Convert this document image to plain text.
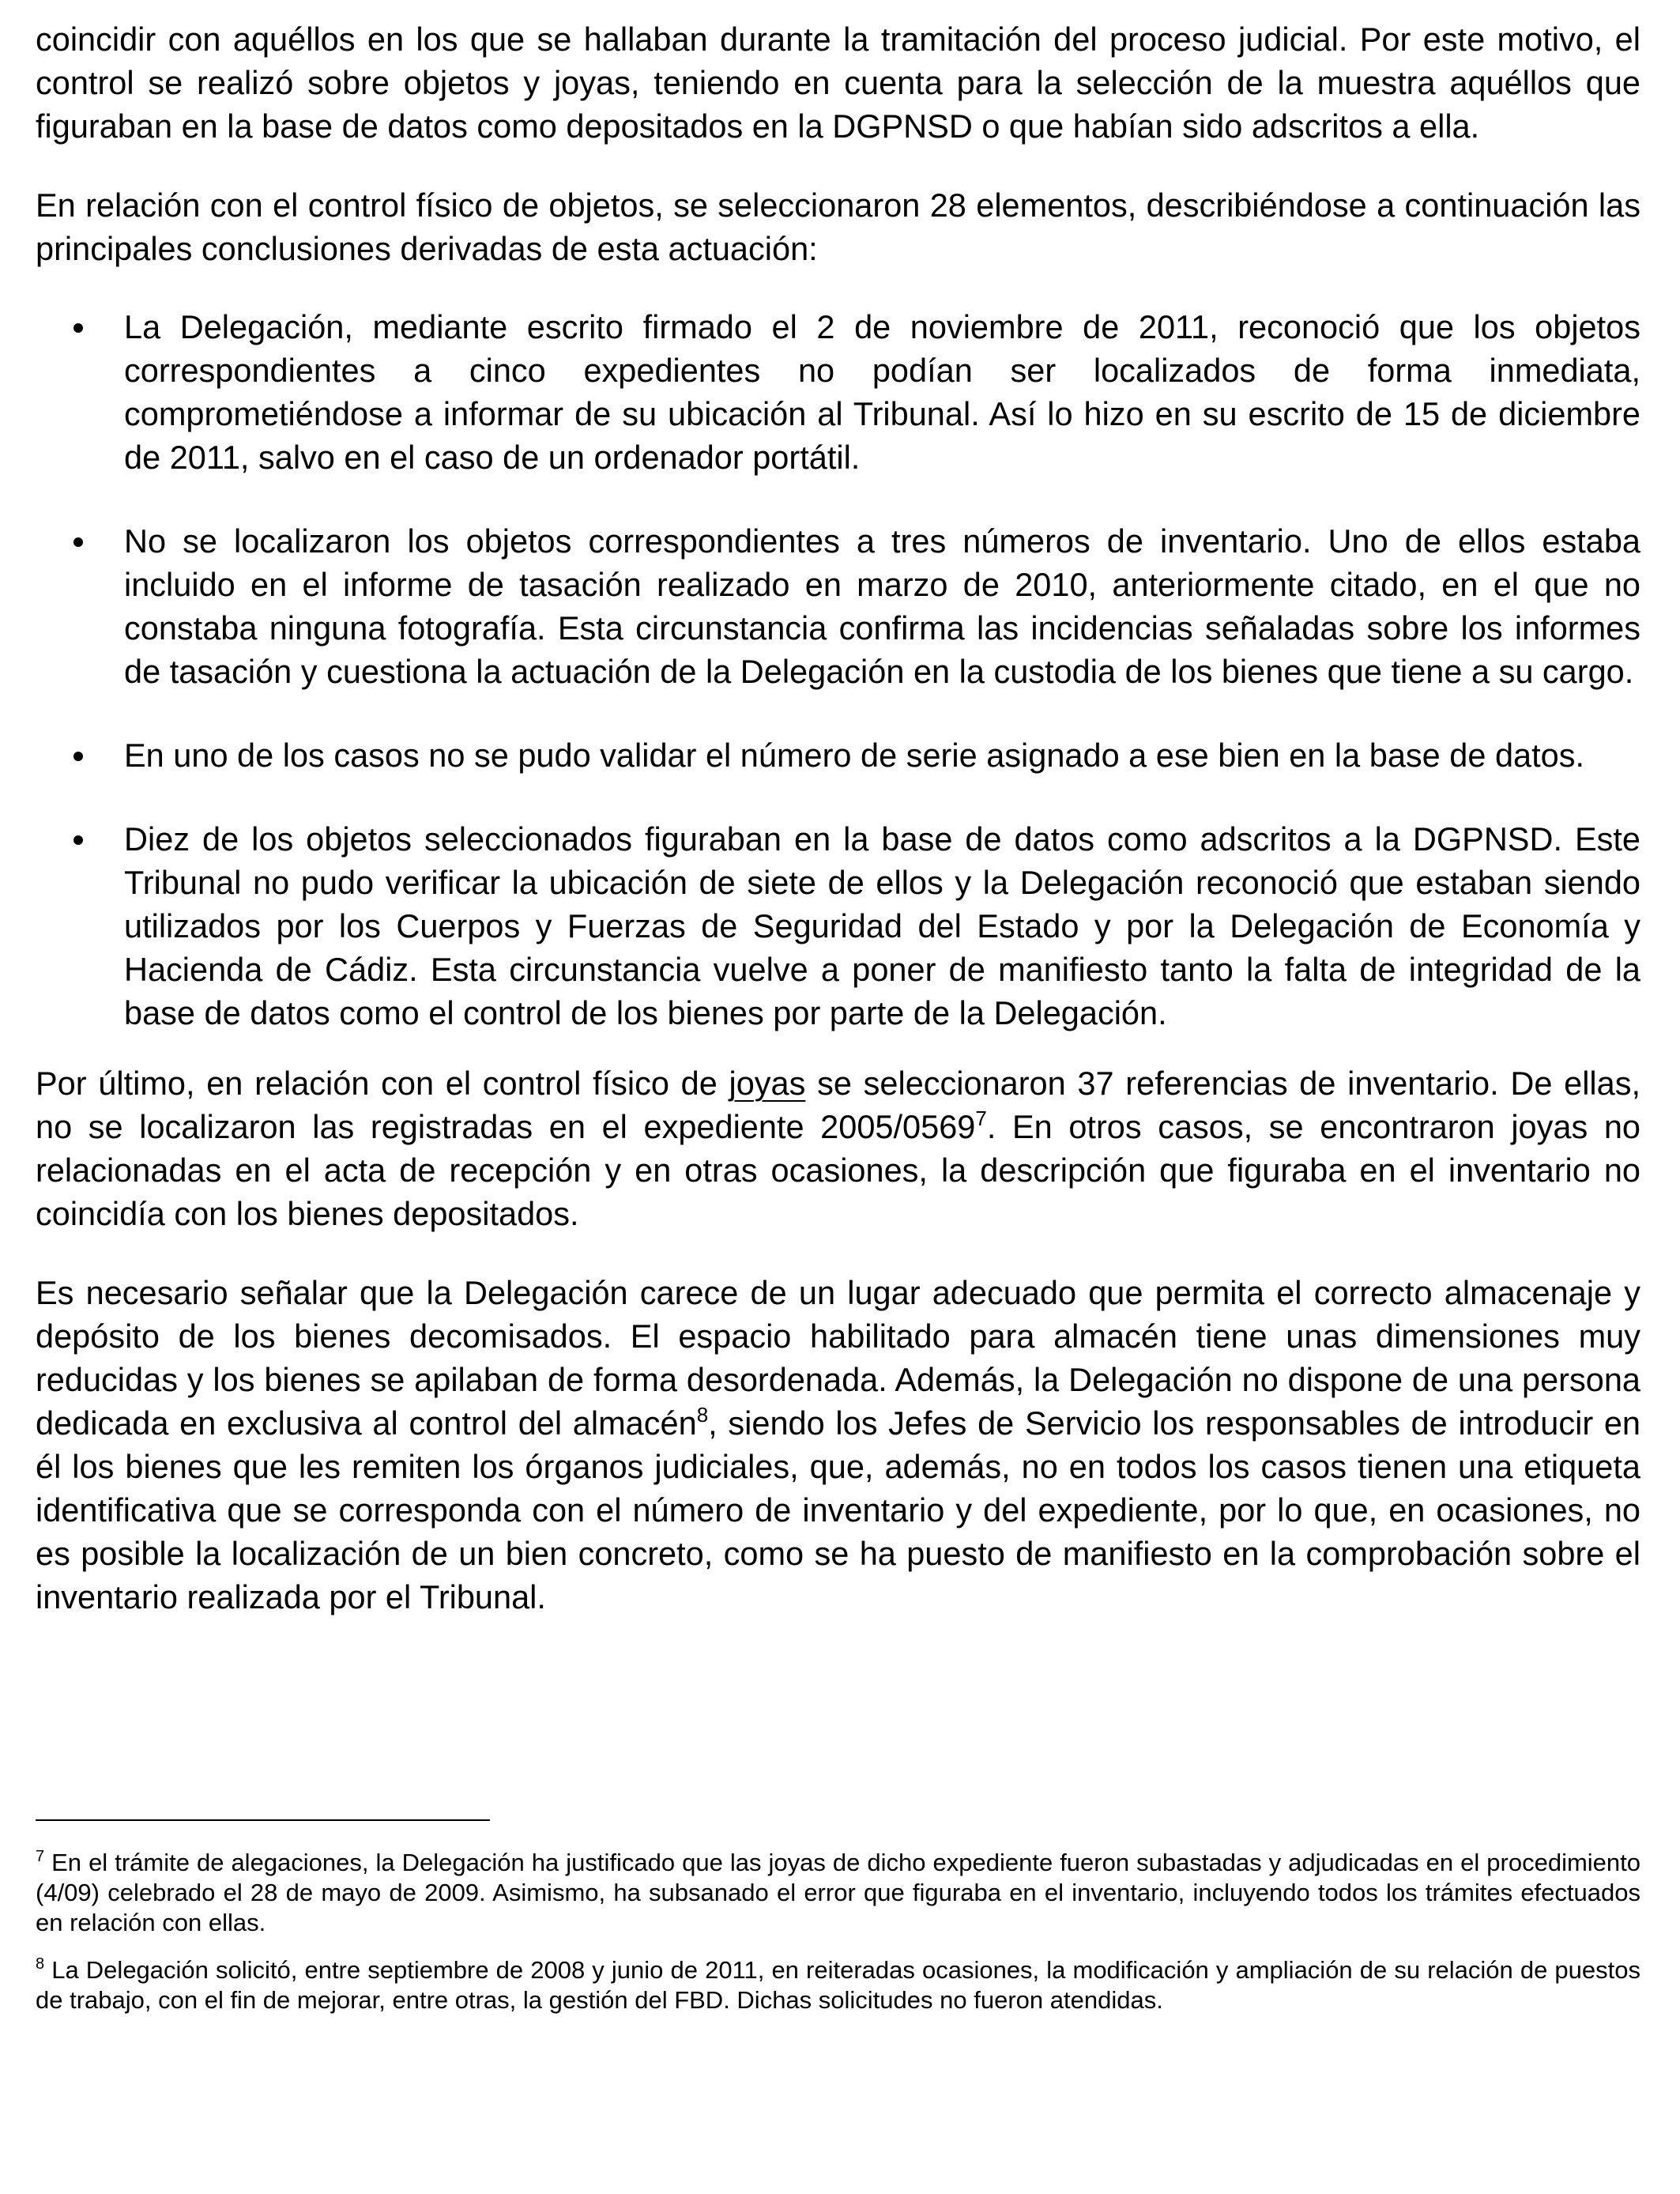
coincidir con aquéllos en los que se hallaban durante la tramitación del proceso judicial. Por este motivo, el control se realizó sobre objetos y joyas, teniendo en cuenta para la selección de la muestra aquéllos que figuraban en la base de datos como depositados en la DGPNSD o que habían sido adscritos a ella.

En relación con el control físico de objetos, se seleccionaron 28 elementos, describiéndose a continuación las principales conclusiones derivadas de esta actuación:

La Delegación, mediante escrito firmado el 2 de noviembre de 2011, reconoció que los objetos correspondientes a cinco expedientes no podían ser localizados de forma inmediata, comprometiéndose a informar de su ubicación al Tribunal. Así lo hizo en su escrito de 15 de diciembre de 2011, salvo en el caso de un ordenador portátil.

No se localizaron los objetos correspondientes a tres números de inventario. Uno de ellos estaba incluido en el informe de tasación realizado en marzo de 2010, anteriormente citado, en el que no constaba ninguna fotografía. Esta circunstancia confirma las incidencias señaladas sobre los informes de tasación y cuestiona la actuación de la Delegación en la custodia de los bienes que tiene a su cargo.

En uno de los casos no se pudo validar el número de serie asignado a ese bien en la base de datos.

Diez de los objetos seleccionados figuraban en la base de datos como adscritos a la DGPNSD. Este Tribunal no pudo verificar la ubicación de siete de ellos y la Delegación reconoció que estaban siendo utilizados por los Cuerpos y Fuerzas de Seguridad del Estado y por la Delegación de Economía y Hacienda de Cádiz. Esta circunstancia vuelve a poner de manifiesto tanto la falta de integridad de la base de datos como el control de los bienes por parte de la Delegación.

Por último, en relación con el control físico de joyas se seleccionaron 37 referencias de inventario. De ellas, no se localizaron las registradas en el expediente 2005/0569$^7$. En otros casos, se encontraron joyas no relacionadas en el acta de recepción y en otras ocasiones, la descripción que figuraba en el inventario no coincidía con los bienes depositados.

Es necesario señalar que la Delegación carece de un lugar adecuado que permita el correcto almacenaje y depósito de los bienes decomisados. El espacio habilitado para almacén tiene unas dimensiones muy reducidas y los bienes se apilaban de forma desordenada. Además, la Delegación no dispone de una persona dedicada en exclusiva al control del almacén$^8$, siendo los Jefes de Servicio los responsables de introducir en él los bienes que les remiten los órganos judiciales, que, además, no en todos los casos tienen una etiqueta identificativa que se corresponda con el número de inventario y del expediente, por lo que, en ocasiones, no es posible la localización de un bien concreto, como se ha puesto de manifiesto en la comprobación sobre el inventario realizada por el Tribunal.

$^7$ En el trámite de alegaciones, la Delegación ha justificado que las joyas de dicho expediente fueron subastadas y adjudicadas en el procedimiento (4/09) celebrado el 28 de mayo de 2009. Asimismo, ha subsanado el error que figuraba en el inventario, incluyendo todos los trámites efectuados en relación con ellas.

$^8$ La Delegación solicitó, entre septiembre de 2008 y junio de 2011, en reiteradas ocasiones, la modificación y ampliación de su relación de puestos de trabajo, con el fin de mejorar, entre otras, la gestión del FBD. Dichas solicitudes no fueron atendidas.
